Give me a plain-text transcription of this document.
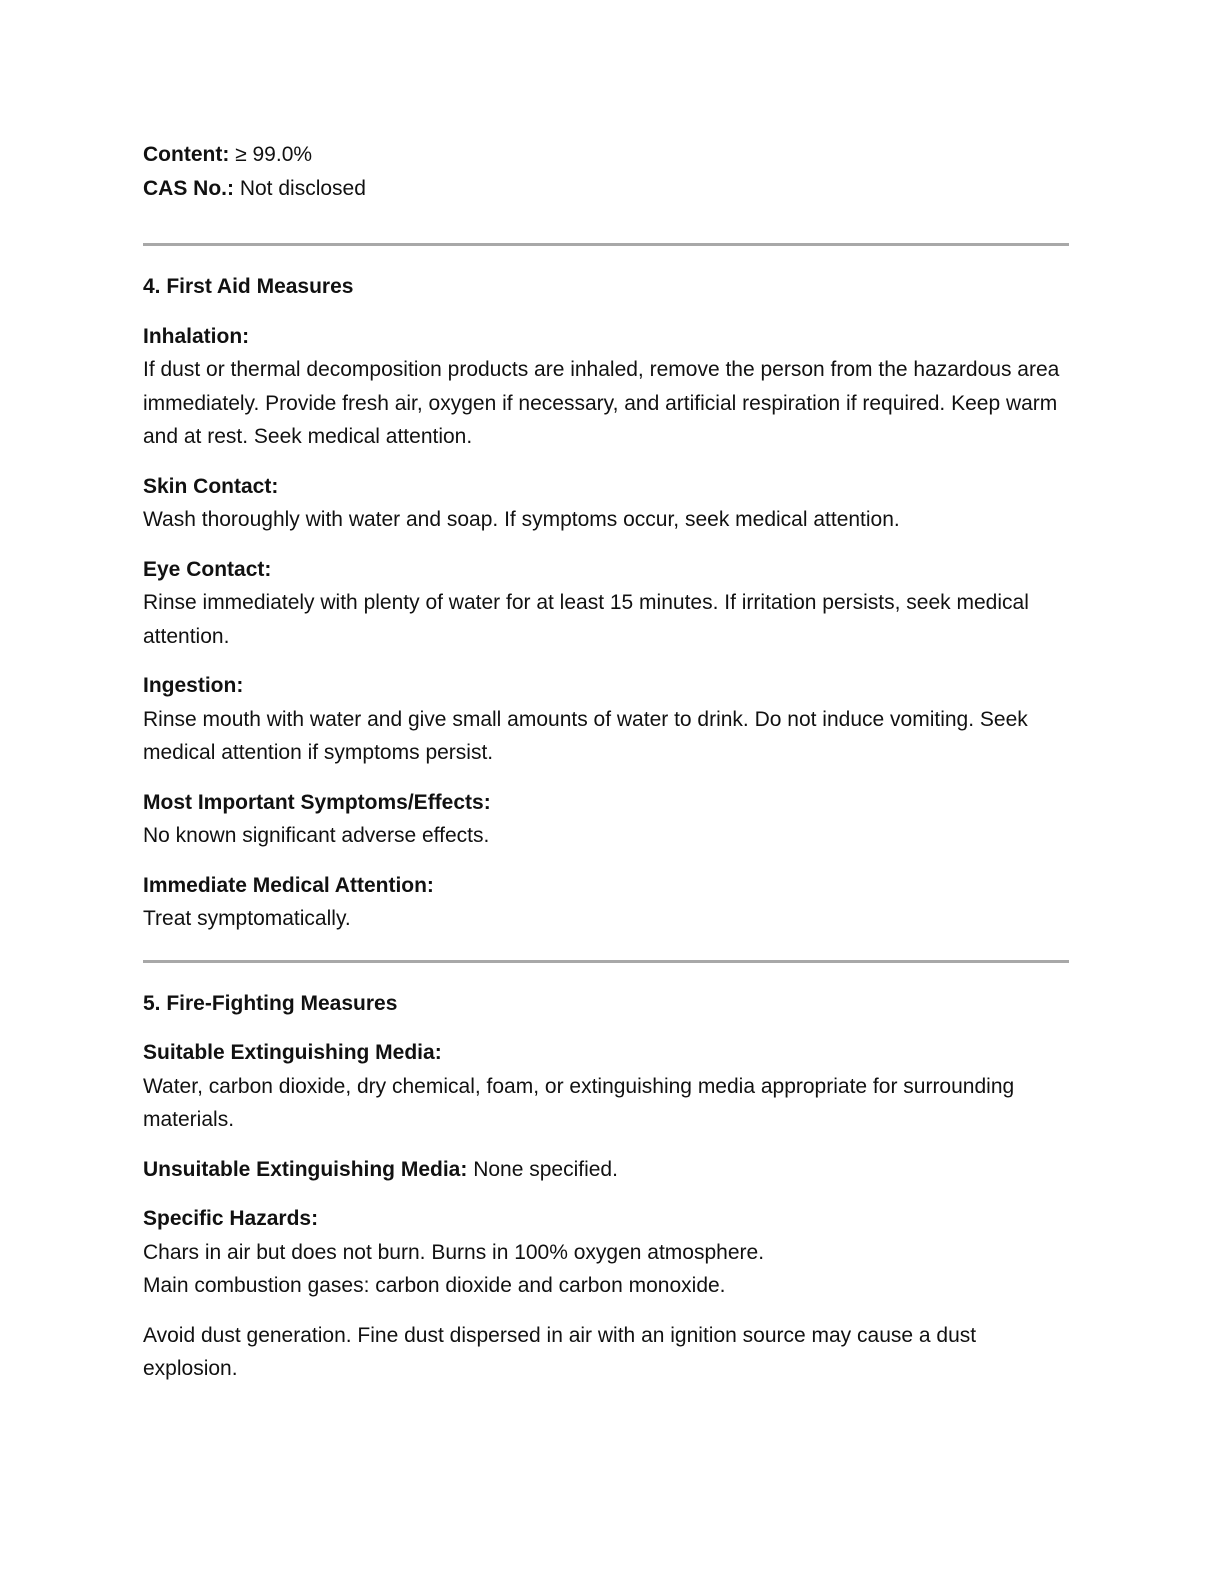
Content: ≥ 99.0%

CAS No.: Not disclosed

4. First Aid Measures

Inhalation:

If dust or thermal decomposition products are inhaled, remove the person from the hazardous area immediately. Provide fresh air, oxygen if necessary, and artificial respiration if required. Keep warm and at rest. Seek medical attention.

Skin Contact:

Wash thoroughly with water and soap. If symptoms occur, seek medical attention.

Eye Contact:

Rinse immediately with plenty of water for at least 15 minutes. If irritation persists, seek medical attention.

Ingestion:

Rinse mouth with water and give small amounts of water to drink. Do not induce vomiting. Seek medical attention if symptoms persist.

Most Important Symptoms/Effects:

No known significant adverse effects.

Immediate Medical Attention:

Treat symptomatically.

5. Fire-Fighting Measures

Suitable Extinguishing Media:

Water, carbon dioxide, dry chemical, foam, or extinguishing media appropriate for surrounding materials.

Unsuitable Extinguishing Media: None specified.

Specific Hazards:

Chars in air but does not burn. Burns in 100% oxygen atmosphere.

Main combustion gases: carbon dioxide and carbon monoxide.

Avoid dust generation. Fine dust dispersed in air with an ignition source may cause a dust explosion.
